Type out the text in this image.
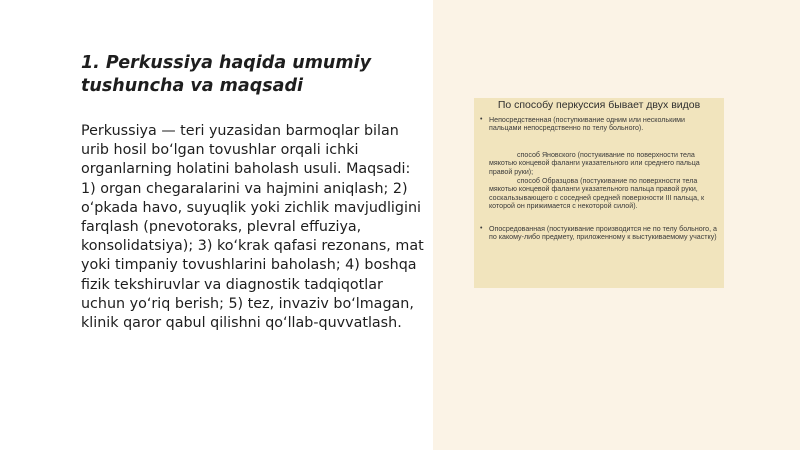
1. Perkussiya haqida umumiy tushuncha va maqsadi

Perkussiya — teri yuzasidan barmoqlar bilan urib hosil bo‘lgan tovushlar orqali ichki organlarning holatini baholash usuli. Maqsadi: 1) organ chegaralarini va hajmini aniqlash; 2) o‘pkada havo, suyuqlik yoki zichlik mavjudligini farqlash (pnevotoraks, plevral effuziya, konsolidatsiya); 3) ko‘krak qafasi rezonans, mat yoki timpaniy tovushlarini baholash; 4) boshqa fizik tekshiruvlar va diagnostik tadqiqotlar uchun yo‘riq berish; 5) tez, invaziv bo‘lmagan, klinik qaror qabul qilishni qo‘llab-quvvatlash.

По способу перкуссия бывает двух видов
• Непосредственная (поступкивание одним или несколькими пальцами непосредственно по телу больного).
способ Яновского (постукивание по поверхности тела мякотью концевой фаланги указательного или среднего пальца правой руки);
способ Образцова (постукивание по поверхности тела мякотью концевой фаланги указательного пальца правой руки, соскальзывающего с соседней средней поверхности III пальца, к которой он прижимается с некоторой силой).
• Опосредованная (постукивание производится не по телу больного, а по какому-либо предмету, приложенному к выстукиваемому участку)
